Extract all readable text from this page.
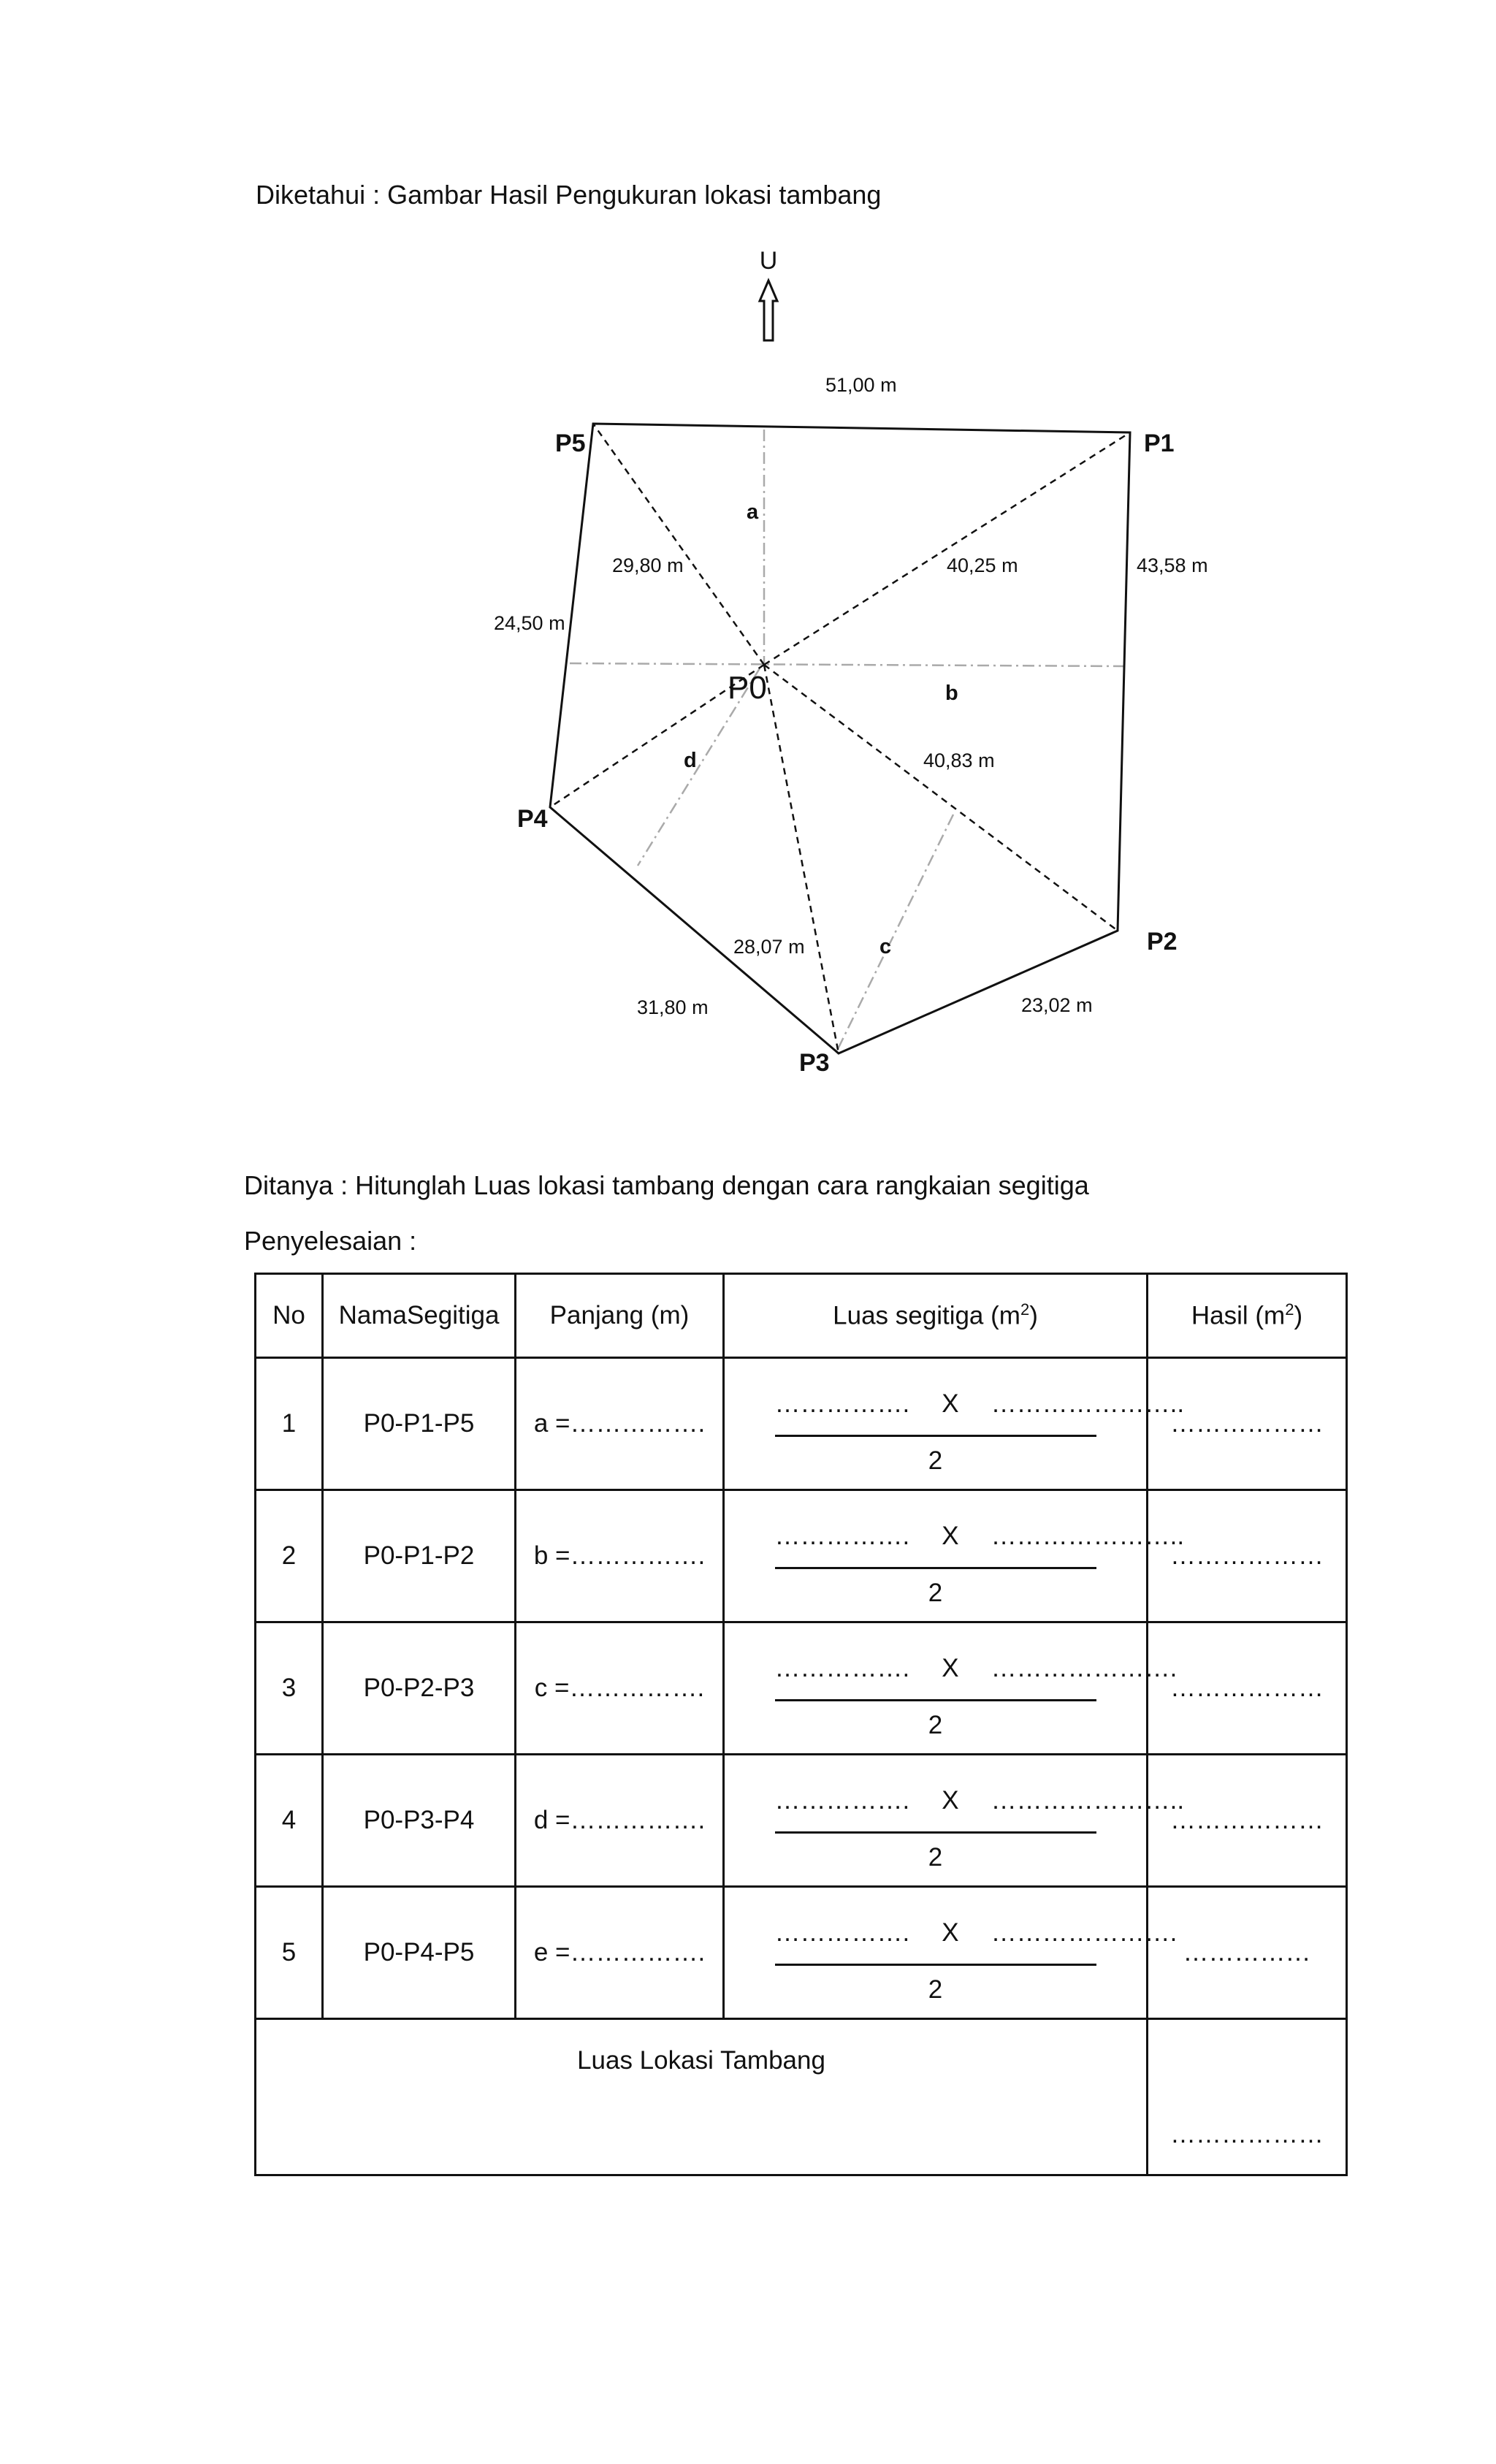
Diketahui : Gambar Hasil Pengukuran lokasi tambang
U
P0
P1
P2
P3
P4
P5
51,00 m
43,58 m
23,02 m
31,80 m
24,50 m
29,80 m	40,25 m
40,83 m
28,07 m
a
b
c
d
Ditanya : Hitunglah Luas lokasi tambang dengan cara rangkaian segitiga
Penyelesaian :
No	NamaSegitiga	Panjang (m)	Luas segitiga $(m^2)$	Hasil $(m^2)$
1	P0-P1-P5	a =…………….	$\frac{\dots\dots\dots\dots\dots. X \dots\dots\dots\dots\dots\dots\dots..}{2}$	………………
2	P0-P1-P2	b =…………….	$\frac{\dots\dots\dots\dots\dots. X \dots\dots\dots\dots\dots\dots\dots..}{2}$	………………
3	P0-P2-P3	c =…………….	$\frac{\dots\dots\dots\dots\dots. X \dots\dots\dots\dots\dots\dots\dots.}{2}$	………………
4	P0-P3-P4	d =…………….	$\frac{\dots\dots\dots\dots\dots. X \dots\dots\dots\dots\dots\dots\dots..}{2}$	………………
5	P0-P4-P5	e =…………….	$\frac{\dots\dots\dots\dots\dots. X \dots\dots\dots\dots\dots\dots\dots.}{2}$	……………
Luas Lokasi Tambang				………………
